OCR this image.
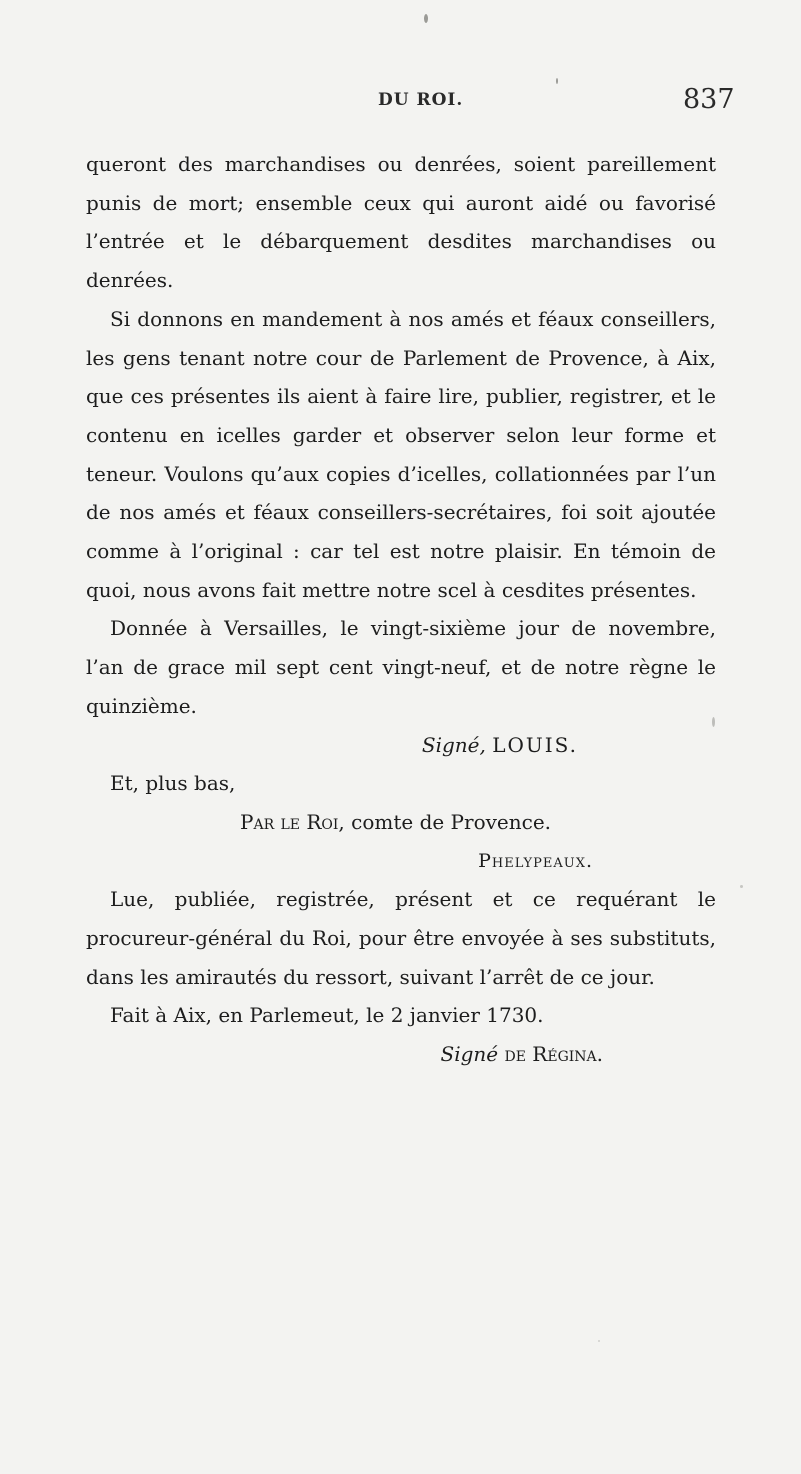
DU ROI.	837

queront des marchandises ou denrées, soient pareillement punis de mort; ensemble ceux qui auront aidé ou favorisé l’entrée et le débarquement desdites marchandises ou denrées.

Si donnons en mandement à nos amés et féaux conseillers, les gens tenant notre cour de Parlement de Provence, à Aix, que ces présentes ils aient à faire lire, publier, registrer, et le contenu en icelles garder et observer selon leur forme et teneur. Voulons qu’aux copies d’icelles, collationnées par l’un de nos amés et féaux conseillers-secrétaires, foi soit ajoutée comme à l’original : car tel est notre plaisir. En témoin de quoi, nous avons fait mettre notre scel à cesdites présentes.

Donnée à Versailles, le vingt-sixième jour de novembre, l’an de grace mil sept cent vingt-neuf, et de notre règne le quinzième.

Signé, LOUIS.

Et, plus bas,

Par le Roi, comte de Provence.

Phelypeaux.

Lue, publiée, registrée, présent et ce requérant le procureur-général du Roi, pour être envoyée à ses substituts, dans les amirautés du ressort, suivant l’arrêt de ce jour.

Fait à Aix, en Parlemeut, le 2 janvier 1730.

Signé de Régina.
